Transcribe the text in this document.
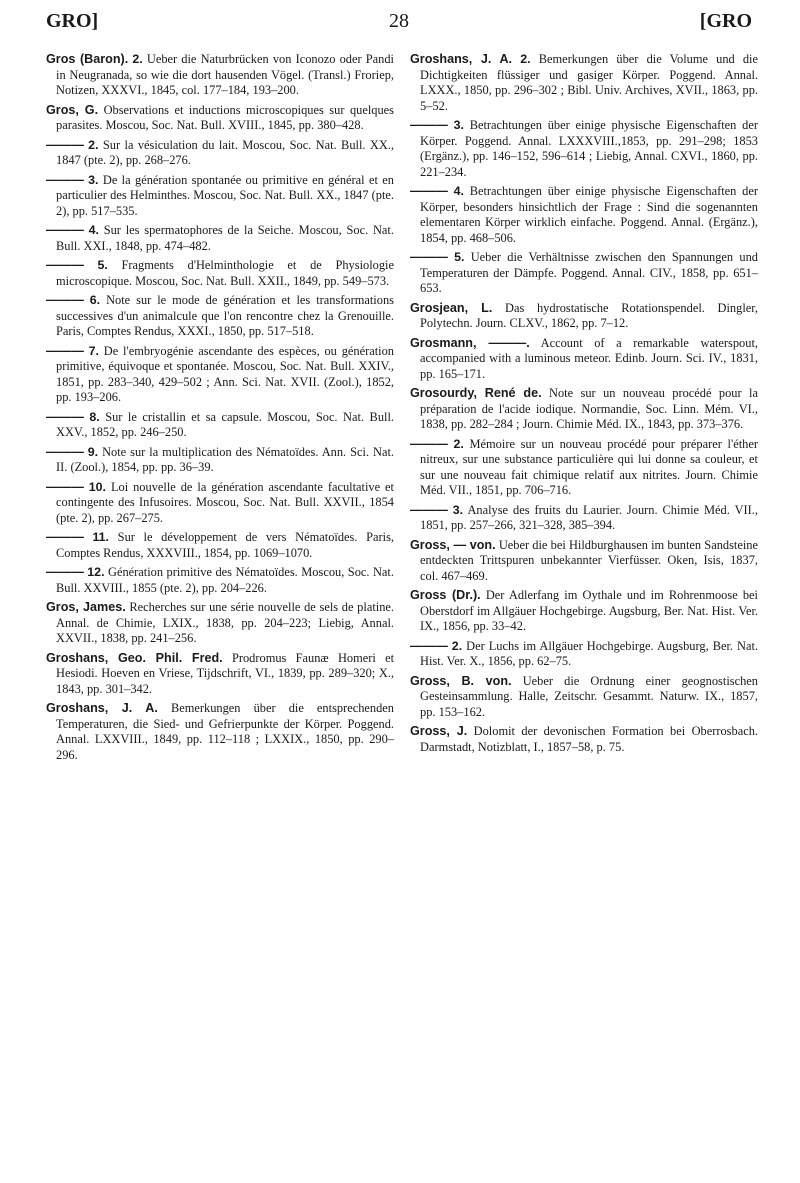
GRO]	28	[GRO

Gros (Baron). 2. Ueber die Naturbrücken von Iconozo oder Pandi in Neugranada, so wie die dort hausenden Vögel. (Transl.) Froriep, Notizen, XXXVI., 1845, col. 177–184, 193–200.

Gros, G. Observations et inductions microscopiques sur quelques parasites. Moscou, Soc. Nat. Bull. XVIII., 1845, pp. 380–428.

——— 2. Sur la vésiculation du lait. Moscou, Soc. Nat. Bull. XX., 1847 (pte. 2), pp. 268–276.

——— 3. De la génération spontanée ou primitive en général et en particulier des Helminthes. Moscou, Soc. Nat. Bull. XX., 1847 (pte. 2), pp. 517–535.

——— 4. Sur les spermatophores de la Seiche. Moscou, Soc. Nat. Bull. XXI., 1848, pp. 474–482.

——— 5. Fragments d'Helminthologie et de Physiologie microscopique. Moscou, Soc. Nat. Bull. XXII., 1849, pp. 549–573.

——— 6. Note sur le mode de génération et les transformations successives d'un animalcule que l'on rencontre chez la Grenouille. Paris, Comptes Rendus, XXXI., 1850, pp. 517–518.

——— 7. De l'embryogénie ascendante des espèces, ou génération primitive, équivoque et spontanée. Moscou, Soc. Nat. Bull. XXIV., 1851, pp. 283–340, 429–502 ; Ann. Sci. Nat. XVII. (Zool.), 1852, pp. 193–206.

——— 8. Sur le cristallin et sa capsule. Moscou, Soc. Nat. Bull. XXV., 1852, pp. 246–250.

——— 9. Note sur la multiplication des Nématoïdes. Ann. Sci. Nat. II. (Zool.), 1854, pp. pp. 36–39.

——— 10. Loi nouvelle de la génération ascendante facultative et contingente des Infusoires. Moscou, Soc. Nat. Bull. XXVII., 1854 (pte. 2), pp. 267–275.

——— 11. Sur le développement de vers Nématoïdes. Paris, Comptes Rendus, XXXVIII., 1854, pp. 1069–1070.

——— 12. Génération primitive des Nématoïdes. Moscou, Soc. Nat. Bull. XXVIII., 1855 (pte. 2), pp. 204–226.

Gros, James. Recherches sur une série nouvelle de sels de platine. Annal. de Chimie, LXIX., 1838, pp. 204–223; Liebig, Annal. XXVII., 1838, pp. 241–256.

Groshans, Geo. Phil. Fred. Prodromus Faunæ Homeri et Hesiodi. Hoeven en Vriese, Tijdschrift, VI., 1839, pp. 289–320; X., 1843, pp. 301–342.

Groshans, J. A. Bemerkungen über die entsprechenden Temperaturen, die Sied- und Gefrierpunkte der Körper. Poggend. Annal. LXXVIII., 1849, pp. 112–118 ; LXXIX., 1850, pp. 290–296.

Groshans, J. A. 2. Bemerkungen über die Volume und die Dichtigkeiten flüssiger und gasiger Körper. Poggend. Annal. LXXX., 1850, pp. 296–302 ; Bibl. Univ. Archives, XVII., 1863, pp. 5–52.

——— 3. Betrachtungen über einige physische Eigenschaften der Körper. Poggend. Annal. LXXXVIII.,1853, pp. 291–298; 1853 (Ergänz.), pp. 146–152, 596–614 ; Liebig, Annal. CXVI., 1860, pp. 221–234.

——— 4. Betrachtungen über einige physische Eigenschaften der Körper, besonders hinsichtlich der Frage : Sind die sogenannten elementaren Körper wirklich einfache. Poggend. Annal. (Ergänz.), 1854, pp. 468–506.

——— 5. Ueber die Verhältnisse zwischen den Spannungen und Temperaturen der Dämpfe. Poggend. Annal. CIV., 1858, pp. 651–653.

Grosjean, L. Das hydrostatische Rotationspendel. Dingler, Polytechn. Journ. CLXV., 1862, pp. 7–12.

Grosmann, ———. Account of a remarkable waterspout, accompanied with a luminous meteor. Edinb. Journ. Sci. IV., 1831, pp. 165–171.

Grosourdy, René de. Note sur un nouveau procédé pour la préparation de l'acide iodique. Normandie, Soc. Linn. Mém. VI., 1838, pp. 282–284 ; Journ. Chimie Méd. IX., 1843, pp. 373–376.

——— 2. Mémoire sur un nouveau procédé pour préparer l'éther nitreux, sur une substance particulière qui lui donne sa couleur, et sur une nouveau fait chimique relatif aux nitrites. Journ. Chimie Méd. VII., 1851, pp. 706–716.

——— 3. Analyse des fruits du Laurier. Journ. Chimie Méd. VII., 1851, pp. 257–266, 321–328, 385–394.

Gross, — von. Ueber die bei Hildburghausen im bunten Sandsteine entdeckten Trittspuren unbekannter Vierfüsser. Oken, Isis, 1837, col. 467–469.

Gross (Dr.). Der Adlerfang im Oythale und im Rohrenmoose bei Oberstdorf im Allgäuer Hochgebirge. Augsburg, Ber. Nat. Hist. Ver. IX., 1856, pp. 33–42.

——— 2. Der Luchs im Allgäuer Hochgebirge. Augsburg, Ber. Nat. Hist. Ver. X., 1856, pp. 62–75.

Gross, B. von. Ueber die Ordnung einer geognostischen Gesteinsammlung. Halle, Zeitschr. Gesammt. Naturw. IX., 1857, pp. 153–162.

Gross, J. Dolomit der devonischen Formation bei Oberrosbach. Darmstadt, Notizblatt, I., 1857–58, p. 75.
